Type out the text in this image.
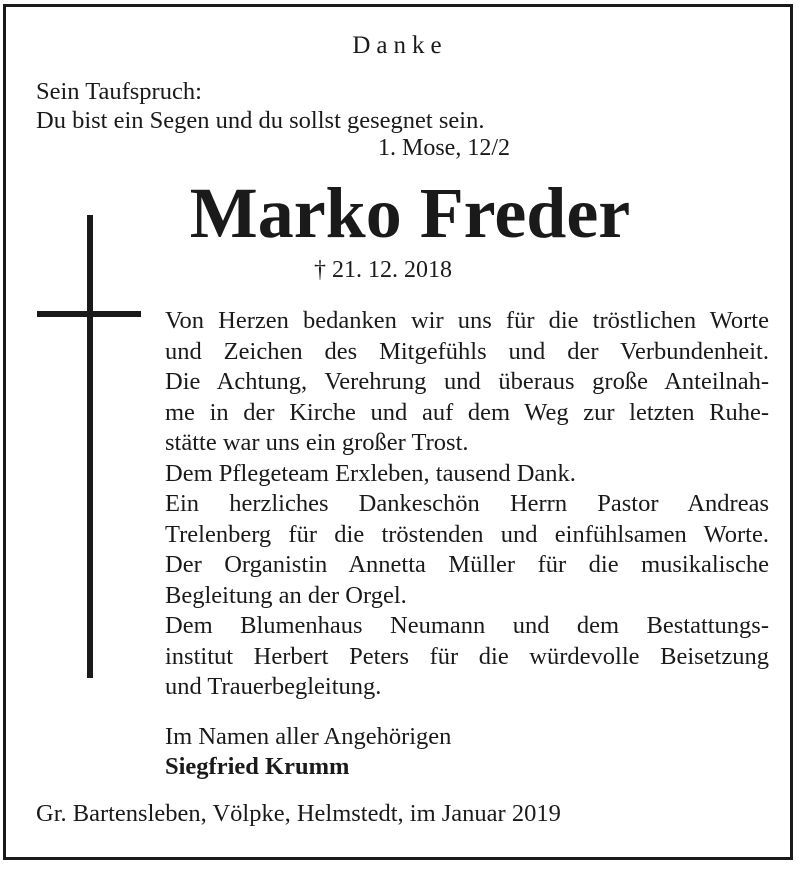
Danke
Sein Taufspruch:
Du bist ein Segen und du sollst gesegnet sein.
1. Mose, 12/2
Marko Freder
† 21. 12. 2018
Von Herzen bedanken wir uns für die tröstlichen Worte
und Zeichen des Mitgefühls und der Verbundenheit.
Die Achtung, Verehrung und überaus große Anteilnah-
me in der Kirche und auf dem Weg zur letzten Ruhe-
stätte war uns ein großer Trost.
Dem Pflegeteam Erxleben, tausend Dank.
Ein herzliches Dankeschön Herrn Pastor Andreas
Trelenberg für die tröstenden und einfühlsamen Worte.
Der Organistin Annetta Müller für die musikalische
Begleitung an der Orgel.
Dem Blumenhaus Neumann und dem Bestattungs-
institut Herbert Peters für die würdevolle Beisetzung
und Trauerbegleitung.
Im Namen aller Angehörigen
Siegfried Krumm
Gr. Bartensleben, Völpke, Helmstedt, im Januar 2019
